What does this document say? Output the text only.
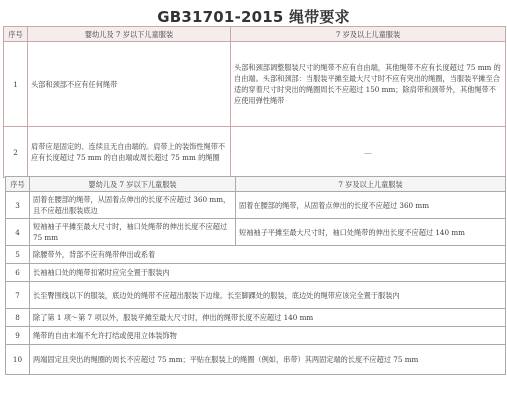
GB31701-2015 绳带要求
序号	婴幼儿及 7 岁以下儿童服装	7 岁及以上儿童服装
1	头部和颈部不应有任何绳带	头部和颈部调整服装尺寸的绳带不应有自由端，其他绳带不应有长度超过 75 mm 的自由端。头部和颈部：当服装平摊至最大尺寸时不应有突出的绳圈，当服装平摊至合适的穿着尺寸时突出的绳圈周长不应超过 150 mm；除肩带和颈带外，其他绳带不应使用弹性绳带
2	肩带应是固定的、连续且无自由端的。肩带上的装饰性绳带不应有长度超过 75 mm 的自由端或周长超过 75 mm 的绳圈	—
序号	婴幼儿及 7 岁以下儿童服装	7 岁及以上儿童服装
3	固着在腰部的绳带，从固着点伸出的长度不应超过 360 mm，且不应超出服装底边	固着在腰部的绳带，从固着点伸出的长度不应超过 360 mm
4	短袖袖子平摊至最大尺寸时，袖口处绳带的伸出长度不应超过 75 mm	短袖袖子平摊至最大尺寸时，袖口处绳带的伸出长度不应超过 140 mm
5	除腰带外，背部不应有绳带伸出或系着	
6	长袖袖口处的绳带扣紧时应完全置于服装内	
7	长至臀围线以下的服装，底边处的绳带不应超出服装下边缘。长至脚踝处的服装，底边处的绳带应该完全置于服装内	
8	除了第 1 项～第 7 项以外，服装平摊至最大尺寸时，伸出的绳带长度不应超过 140 mm	
9	绳带的自由末端不允许打结或使用立体装饰物	
10	两端固定且突出的绳圈的周长不应超过 75 mm；平贴在服装上的绳圈（例如，串带）其两固定端的长度不应超过 75 mm	
